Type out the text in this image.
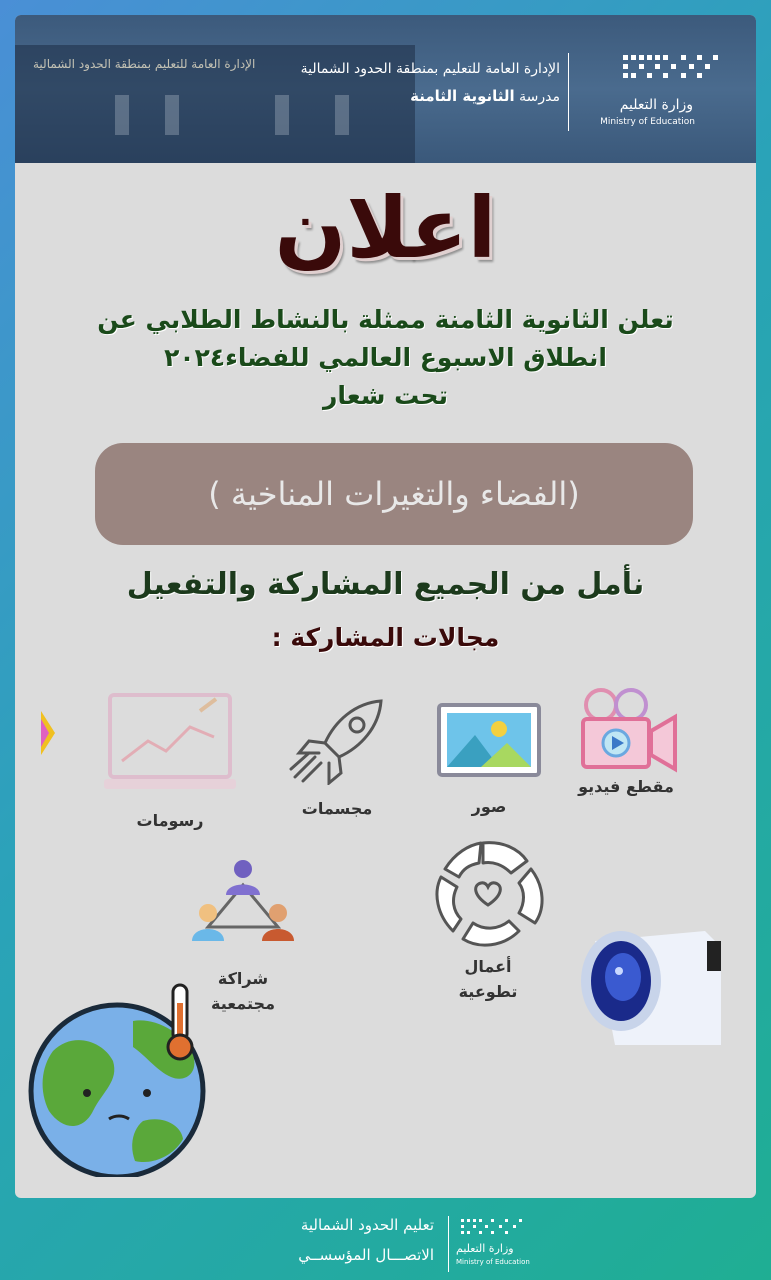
الإدارة العامة للتعليم بمنطقة الحدود الشمالية	الإدارة العامة للتعليم بمنطقة الحدود الشمالية
مدرسة الثانوية الثامنة	وزارة التعليم
Ministry of Education
اعلان
تعلن الثانوية الثامنة ممثلة بالنشاط الطلابي عن
انطلاق الاسبوع العالمي للفضاء٢٠٢٤
تحت شعار
(الفضاء والتغيرات المناخية )
نأمل من الجميع المشاركة والتفعيل
مجالات المشاركة :
مقطع فيديو
صور
مجسمات
رسومات
أعمال
تطوعية
شراكة
مجتمعية
تعليم الحدود الشمالية
الاتصـــال المؤسســي وزارة التعليم
Ministry of Education
